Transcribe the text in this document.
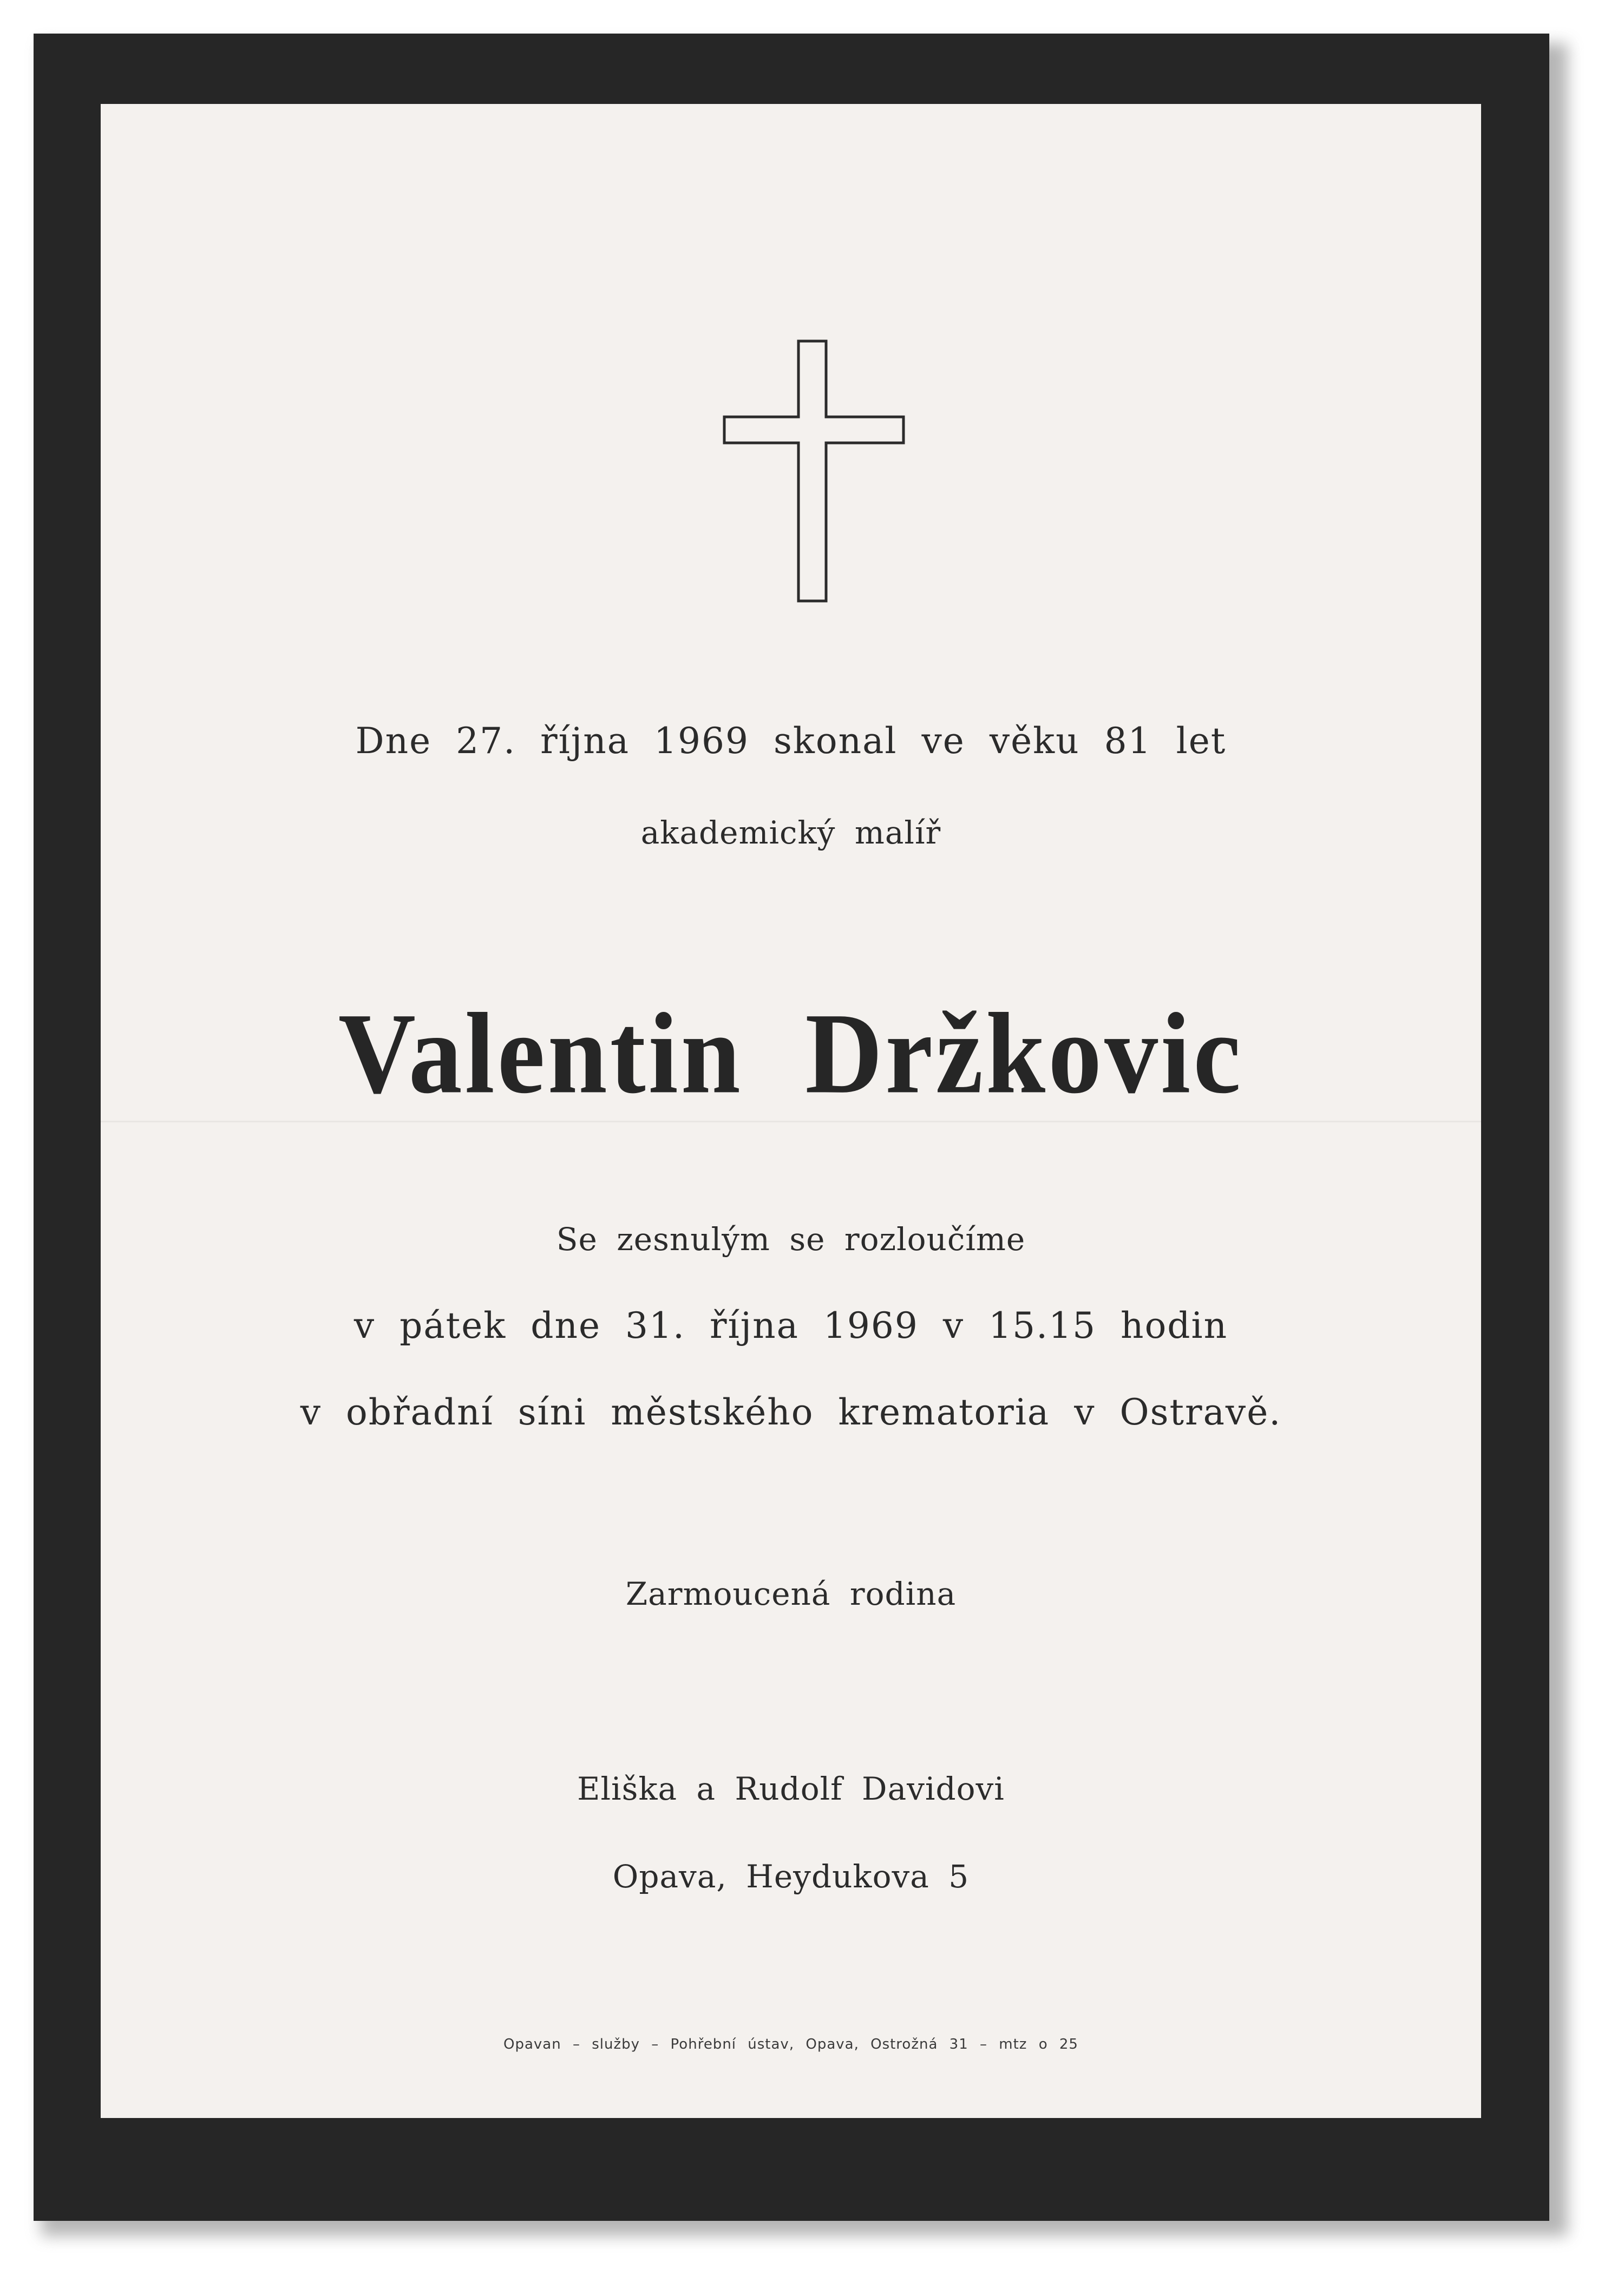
Dne 27. října 1969 skonal ve věku 81 let
akademický malíř
Valentin Držkovic
Se zesnulým se rozloučíme
v pátek dne 31. října 1969 v 15.15 hodin
v obřadní síni městského krematoria v Ostravě.
Zarmoucená rodina
Eliška a Rudolf Davidovi
Opava, Heydukova 5
Opavan – služby – Pohřební ústav, Opava, Ostrožná 31 – mtz o 25
